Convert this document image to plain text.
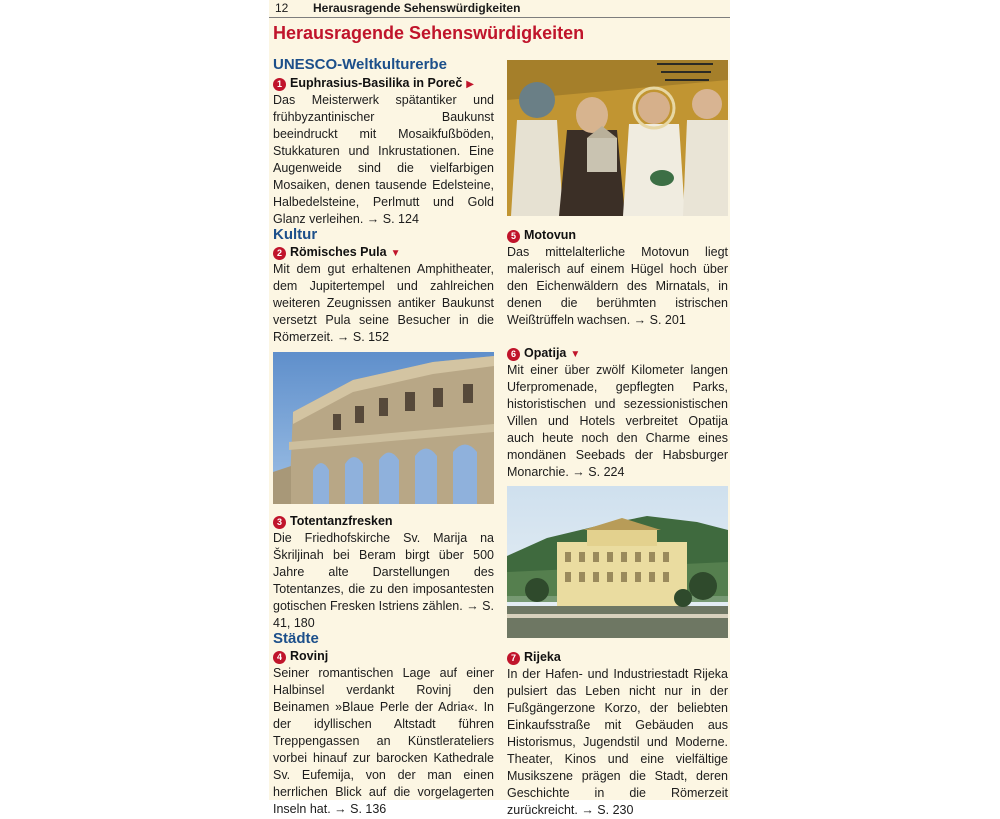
12 Herausragende Sehenswürdigkeiten
Herausragende Sehenswürdigkeiten
UNESCO-Weltkulturerbe
1 Euphrasius-Basilika in Poreč ▶
Das Meisterwerk spätantiker und frühbyzantinischer Baukunst beeindruckt mit Mosaikfußböden, Stukkaturen und Inkrustationen. Eine Augenweide sind die vielfarbigen Mosaiken, denen tausende Edelsteine, Halbedelsteine, Perlmutt und Gold Glanz verleihen. → S. 124
Kultur
2 Römisches Pula ▼
Mit dem gut erhaltenen Amphitheater, dem Jupitertempel und zahlreichen weiteren Zeugnissen antiker Baukunst versetzt Pula seine Besucher in die Römerzeit. → S. 152
3 Totentanzfresken
Die Friedhofskirche Sv. Marija na Škriljinah bei Beram birgt über 500 Jahre alte Darstellungen des Totentanzes, die zu den imposantesten gotischen Fresken Istriens zählen. → S. 41, 180
Städte
4 Rovinj
Seiner romantischen Lage auf einer Halbinsel verdankt Rovinj den Beinamen »Blaue Perle der Adria«. In der idyllischen Altstadt führen Treppengassen an Künstlerateliers vorbei hinauf zur barocken Kathedrale Sv. Eufemija, von der man einen herrlichen Blick auf die vorgelagerten Inseln hat. → S. 136
5 Motovun
Das mittelalterliche Motovun liegt malerisch auf einem Hügel hoch über den Eichenwäldern des Mirnatals, in denen die berühmten istrischen Weißtrüffeln wachsen. → S. 201
6 Opatija ▼
Mit einer über zwölf Kilometer langen Uferpromenade, gepflegten Parks, historistischen und sezessionistischen Villen und Hotels verbreitet Opatija auch heute noch den Charme eines mondänen Seebads der Habsburger Monarchie. → S. 224
7 Rijeka
In der Hafen- und Industriestadt Rijeka pulsiert das Leben nicht nur in der Fußgängerzone Korzo, der beliebten Einkaufsstraße mit Gebäuden aus Historismus, Jugendstil und Moderne. Theater, Kinos und eine vielfältige Musikszene prägen die Stadt, deren Geschichte in die Römerzeit zurückreicht. → S. 230
